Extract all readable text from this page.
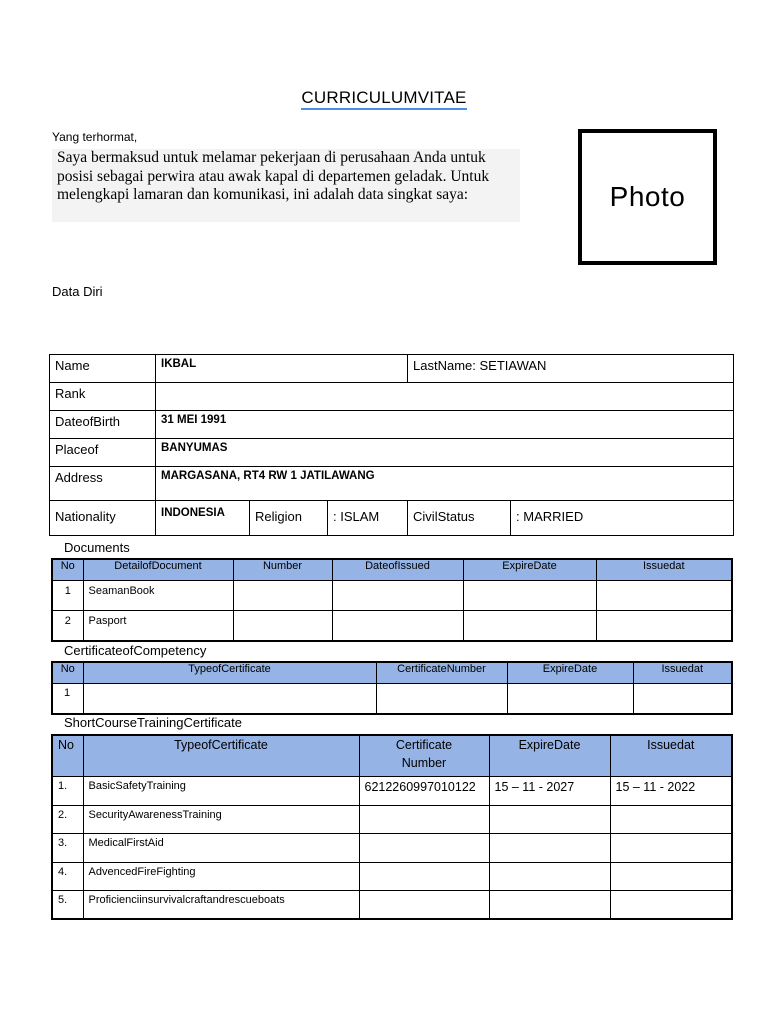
CURRICULUMVITAE
Yang terhormat,
Saya bermaksud untuk melamar pekerjaan di perusahaan Anda untuk posisi sebagai perwira atau awak kapal di departemen geladak. Untuk melengkapi lamaran dan komunikasi, ini adalah data singkat saya:	Photo
Data Diri
Name	IKBAL			LastName: SETIAWAN	
Rank					
DateofBirth	31 MEI 1991				
Placeof	BANYUMAS				
Address	MARGASANA, RT4 RW 1 JATILAWANG				
Nationality	INDONESIA	Religion	: ISLAM	CivilStatus	: MARRIED
Documents
No	DetailofDocument	Number	DateofIssued	ExpireDate	Issuedat
1	SeamanBook				
2	Pasport				
CertificateofCompetency
No	TypeofCertificate	CertificateNumber	ExpireDate	Issuedat
1				
ShortCourseTrainingCertificate
No	TypeofCertificate	Certificate Number	ExpireDate	Issuedat
1.	BasicSafetyTraining	6212260997010122	15 – 11 - 2027	15 – 11 - 2022
2.	SecurityAwarenessTraining			
3.	MedicalFirstAid			
4.	AdvencedFireFighting			
5.	Proficienciinsurvivalcraftandrescueboats			
